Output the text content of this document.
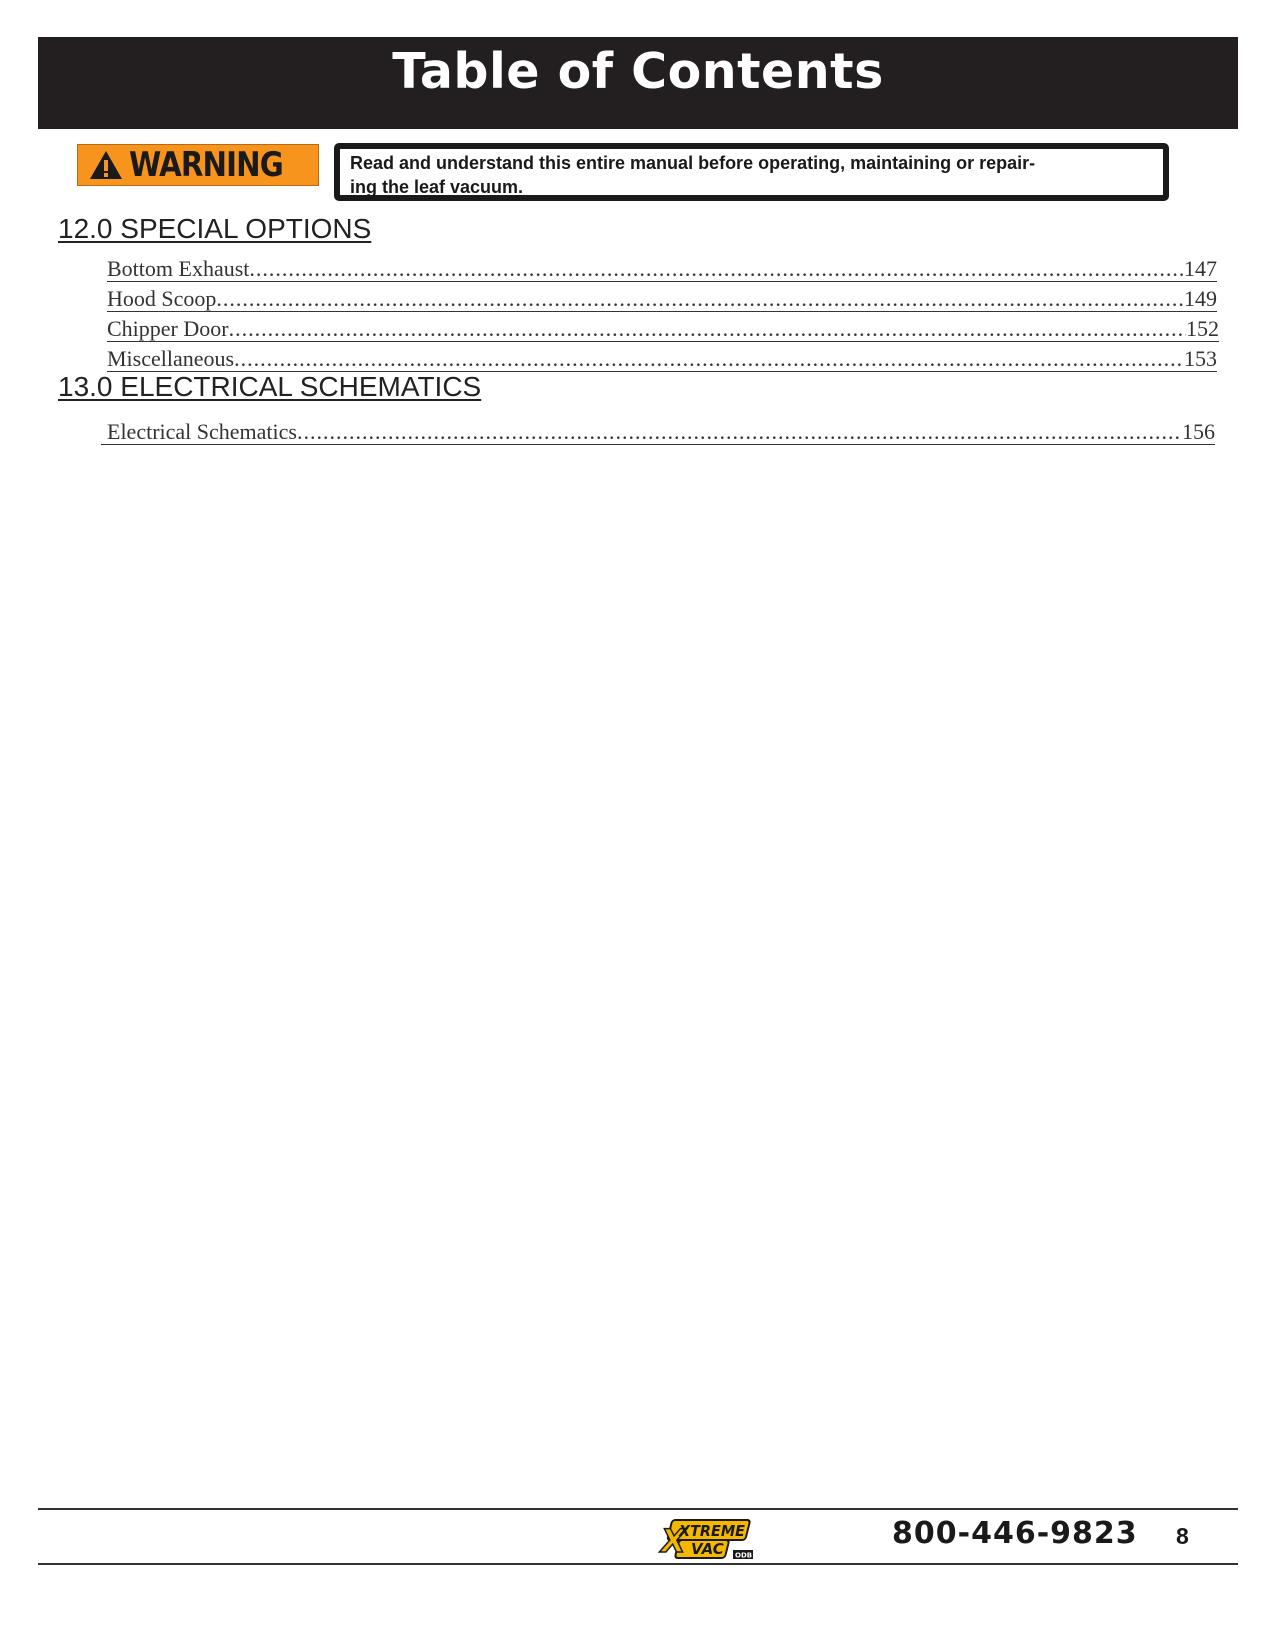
Table of Contents
WARNING	Read and understand this entire manual before operating, maintaining or repair-
ing the leaf vacuum.
12.0 SPECIAL OPTIONS
Bottom Exhaust .....	147
Hood Scoop .....	149
Chipper Door .....	152
Miscellaneous .....	153
13.0 ELECTRICAL SCHEMATICS
Electrical Schematics .....	156
X
XTREME
VAC ODB
800-446-9823 8
